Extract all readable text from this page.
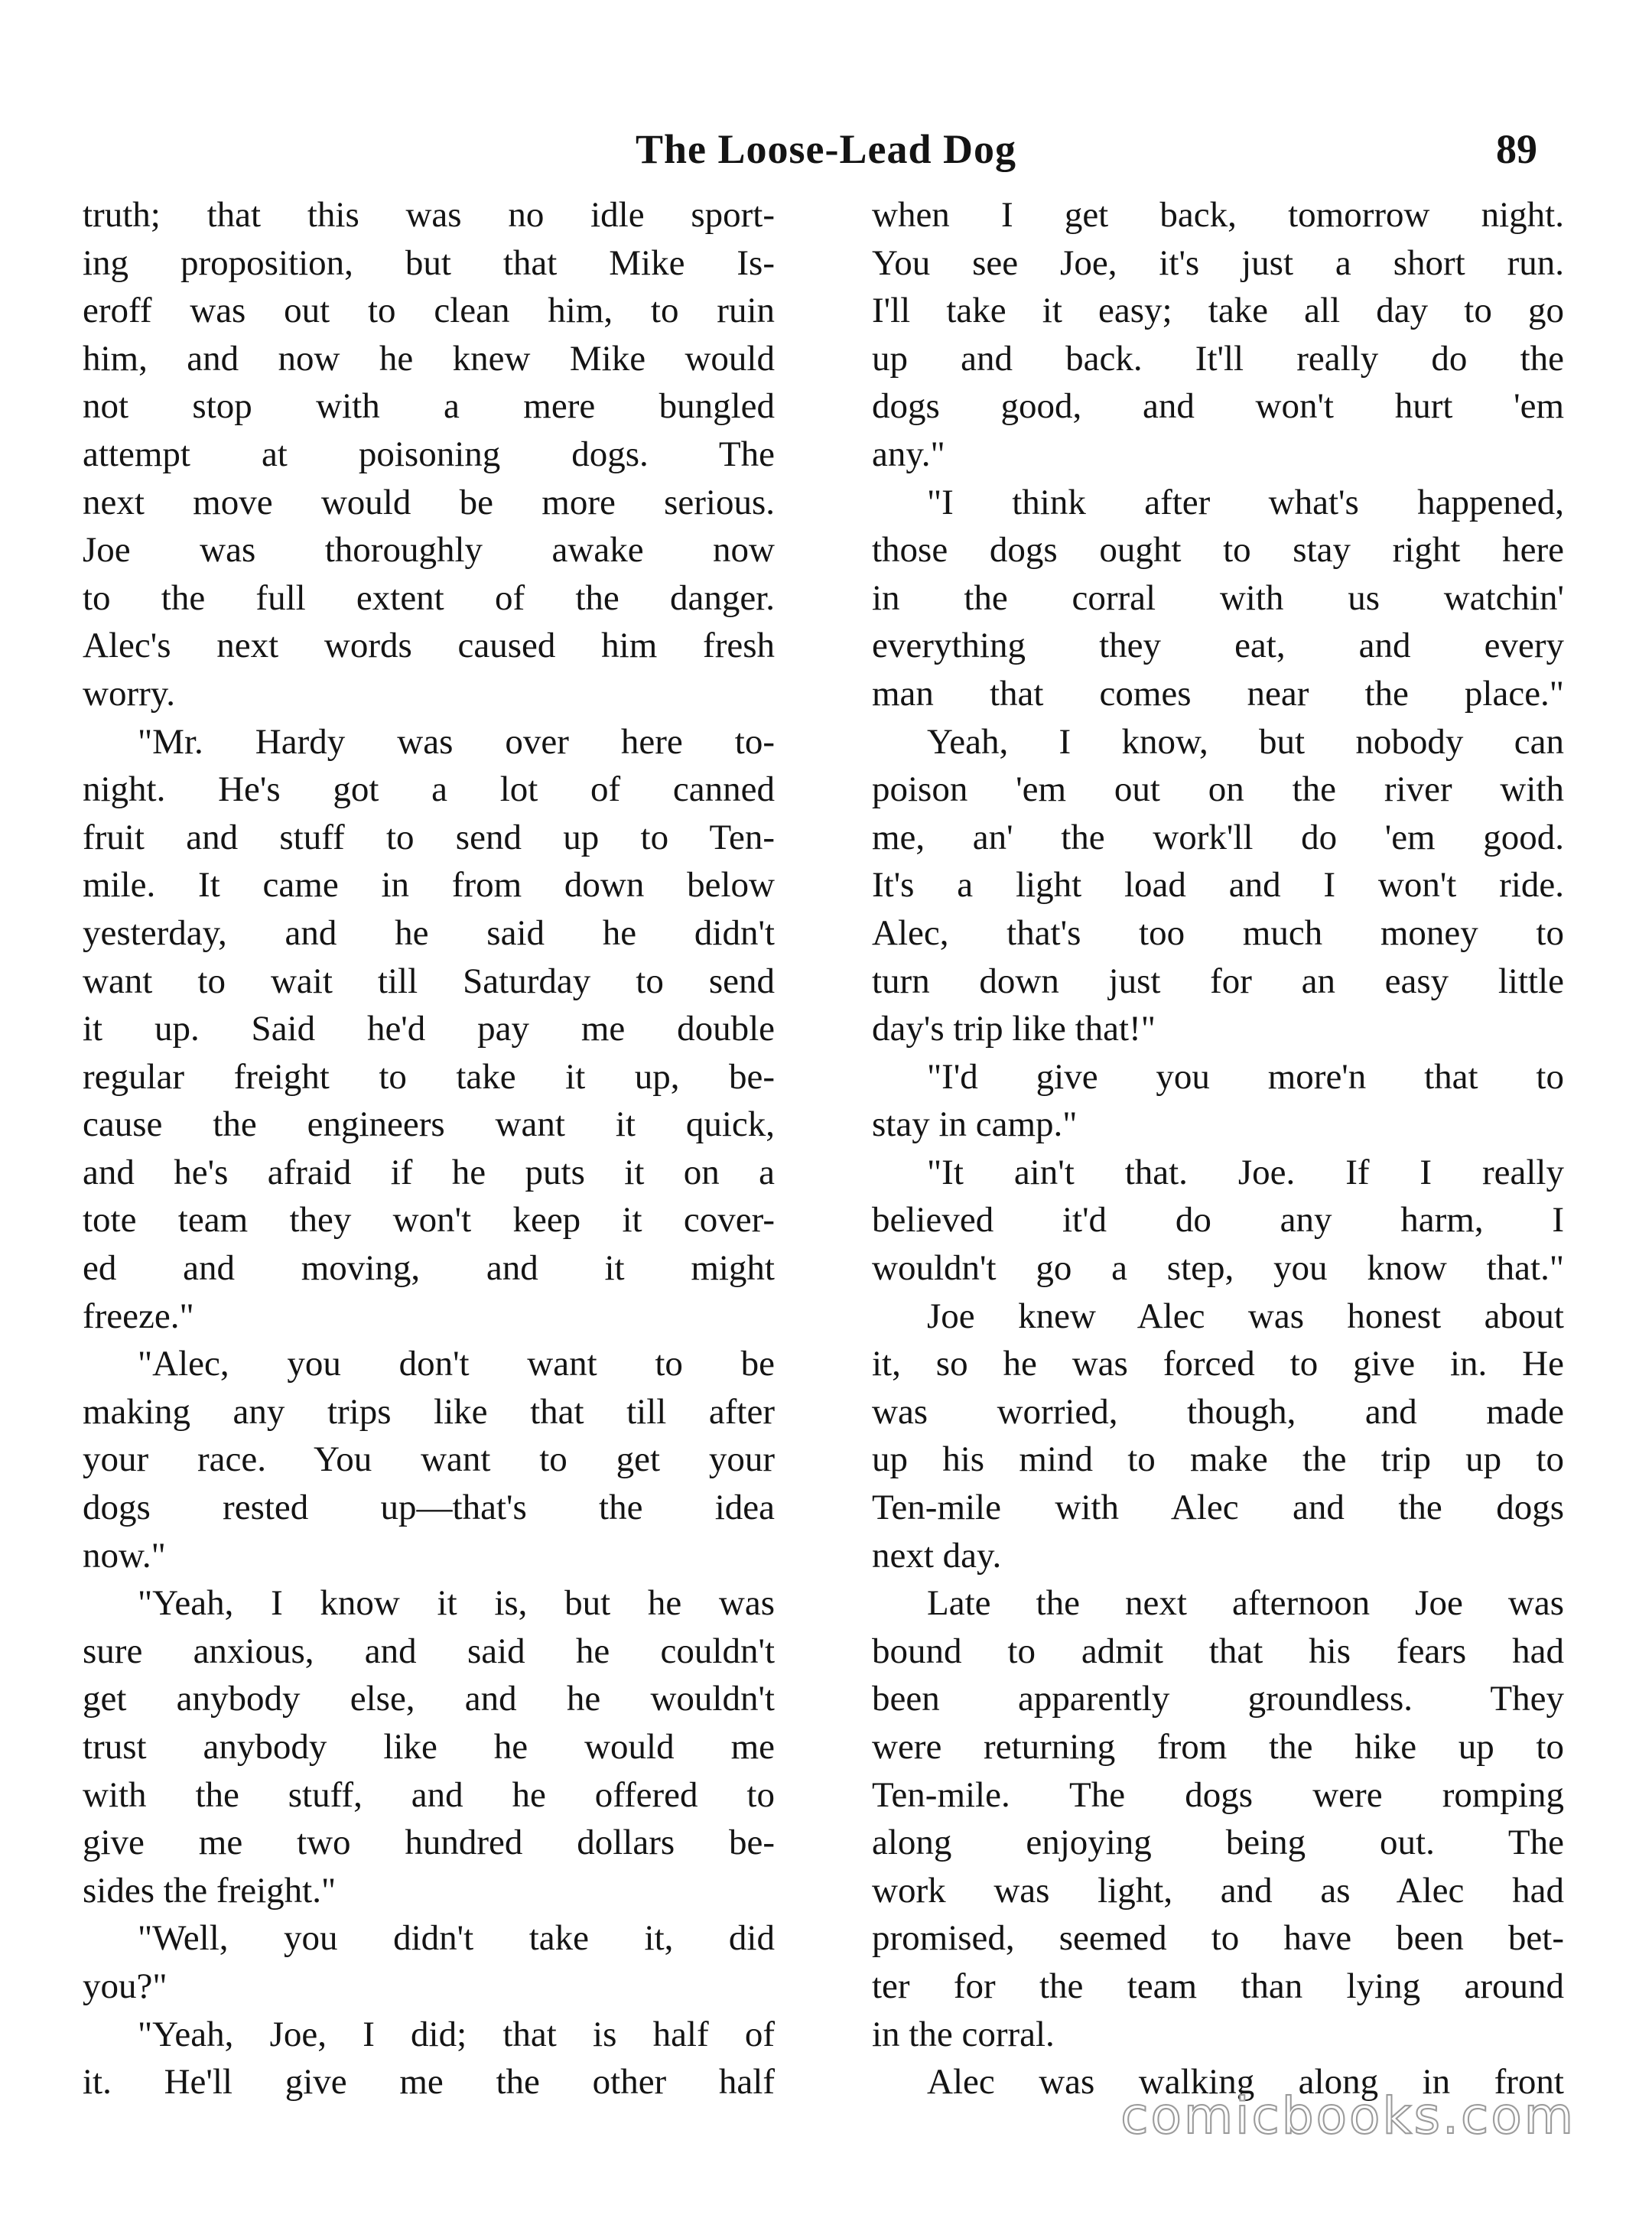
The Loose-Lead Dog	89
truth; that this was no idle sport-
ing proposition, but that Mike Is-
eroff was out to clean him, to ruin
him, and now he knew Mike would
not stop with a mere bungled
attempt at poisoning dogs. The
next move would be more serious.
Joe was thoroughly awake now
to the full extent of the danger.
Alec's next words caused him fresh
worry.
"Mr. Hardy was over here to-
night. He's got a lot of canned
fruit and stuff to send up to Ten-
mile. It came in from down below
yesterday, and he said he didn't
want to wait till Saturday to send
it up. Said he'd pay me double
regular freight to take it up, be-
cause the engineers want it quick,
and he's afraid if he puts it on a
tote team they won't keep it cover-
ed and moving, and it might
freeze."
"Alec, you don't want to be
making any trips like that till after
your race. You want to get your
dogs rested up—that's the idea
now."
"Yeah, I know it is, but he was
sure anxious, and said he couldn't
get anybody else, and he wouldn't
trust anybody like he would me
with the stuff, and he offered to
give me two hundred dollars be-
sides the freight."
"Well, you didn't take it, did
you?"
"Yeah, Joe, I did; that is half of
it. He'll give me the other half
when I get back, tomorrow night.
You see Joe, it's just a short run.
I'll take it easy; take all day to go
up and back. It'll really do the
dogs good, and won't hurt 'em
any."
"I think after what's happened,
those dogs ought to stay right here
in the corral with us watchin'
everything they eat, and every
man that comes near the place."
Yeah, I know, but nobody can
poison 'em out on the river with
me, an' the work'll do 'em good.
It's a light load and I won't ride.
Alec, that's too much money to
turn down just for an easy little
day's trip like that!"
"I'd give you more'n that to
stay in camp."
"It ain't that. Joe. If I really
believed it'd do any harm, I
wouldn't go a step, you know that."
Joe knew Alec was honest about
it, so he was forced to give in. He
was worried, though, and made
up his mind to make the trip up to
Ten-mile with Alec and the dogs
next day.
Late the next afternoon Joe was
bound to admit that his fears had
been apparently groundless. They
were returning from the hike up to
Ten-mile. The dogs were romping
along enjoying being out. The
work was light, and as Alec had
promised, seemed to have been bet-
ter for the team than lying around
in the corral.
Alec was walking along in front
comicbooks.com
